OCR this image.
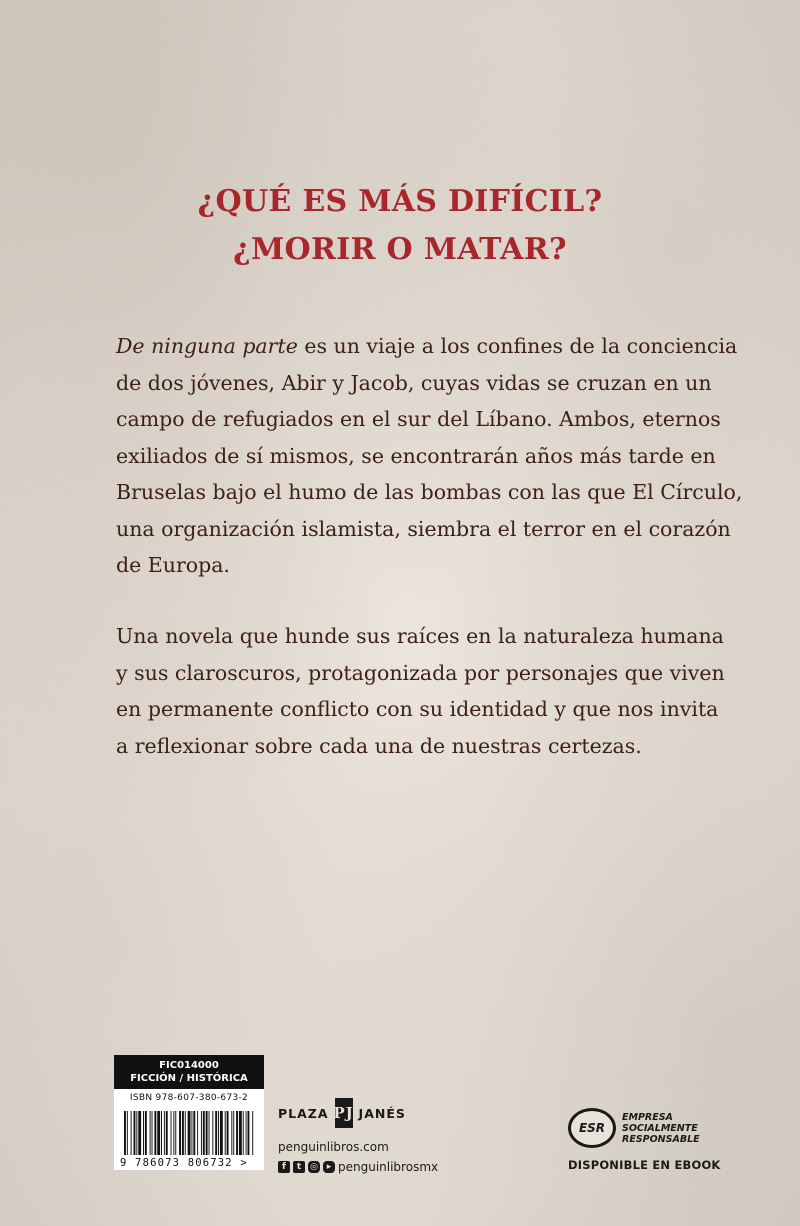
¿QUÉ ES MÁS DIFÍCIL?
¿MORIR O MATAR?
De ninguna parte es un viaje a los confines de la conciencia
de dos jóvenes, Abir y Jacob, cuyas vidas se cruzan en un
campo de refugiados en el sur del Líbano. Ambos, eternos
exiliados de sí mismos, se encontrarán años más tarde en
Bruselas bajo el humo de las bombas con las que El Círculo,
una organización islamista, siembra el terror en el corazón
de Europa.
Una novela que hunde sus raíces en la naturaleza humana
y sus claroscuros, protagonizada por personajes que viven
en permanente conflicto con su identidad y que nos invita
a reflexionar sobre cada una de nuestras certezas.
FIC014000
FICCIÓN / HISTÓRICA
ISBN 978-607-380-673-2
9 786073 806732 >
PLAZA PJ JANÉS
penguinlibros.com
f	t ◎ ▸ penguinlibrosmx
ESR
EMPRESA
SOCIALMENTE
RESPONSABLE
DISPONIBLE EN EBOOK
